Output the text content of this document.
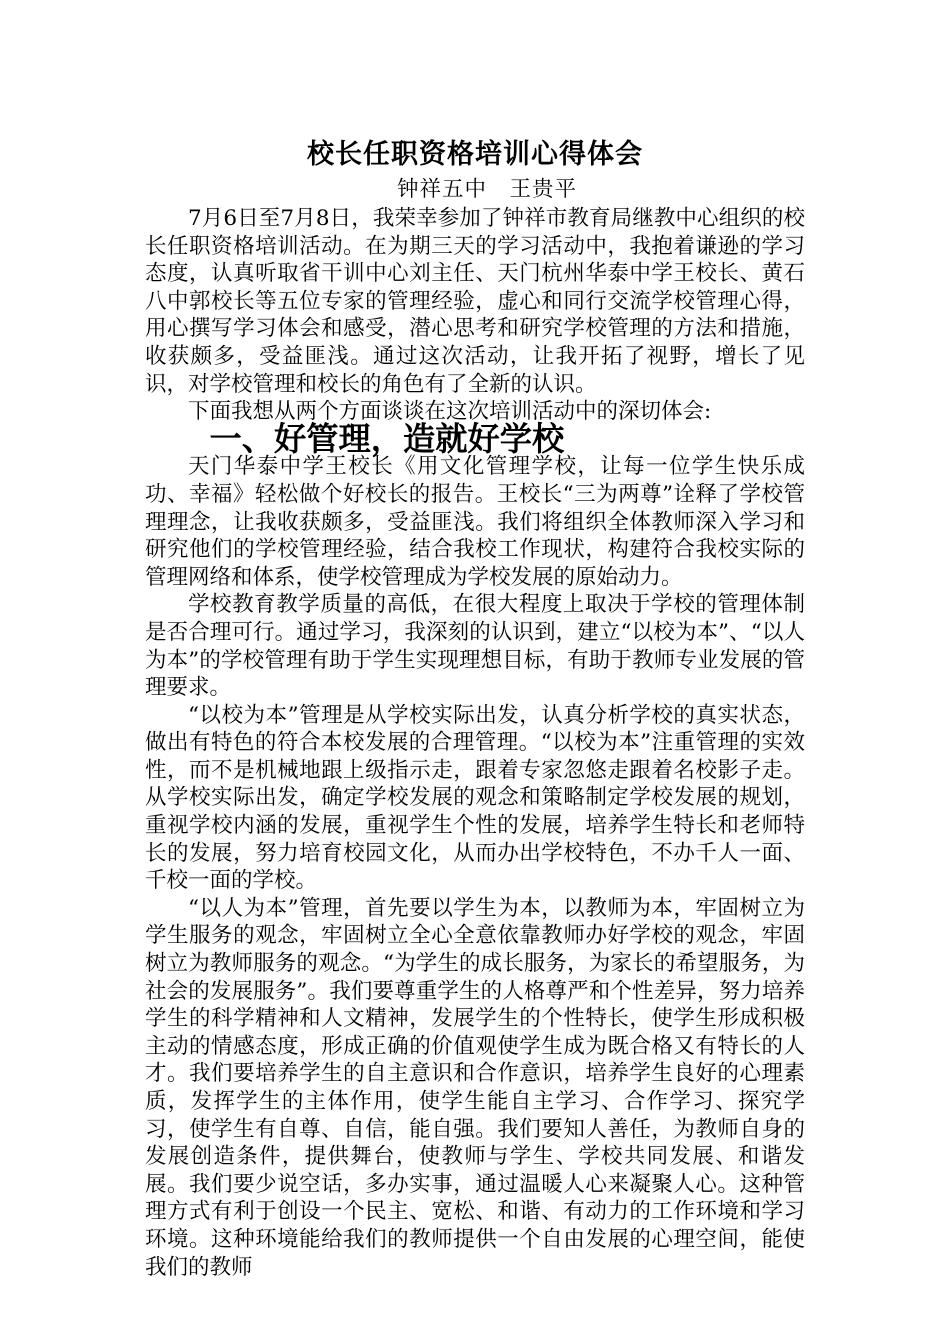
校长任职资格培训心得体会

钟祥五中　王贵平

7月6日至7月8日，我荣幸参加了钟祥市教育局继教中心组织的校长任职资格培训活动。在为期三天的学习活动中，我抱着谦逊的学习态度，认真听取省干训中心刘主任、天门杭州华泰中学王校长、黄石八中郭校长等五位专家的管理经验，虚心和同行交流学校管理心得，用心撰写学习体会和感受，潜心思考和研究学校管理的方法和措施，收获颇多，受益匪浅。通过这次活动，让我开拓了视野，增长了见识，对学校管理和校长的角色有了全新的认识。

下面我想从两个方面谈谈在这次培训活动中的深切体会:

一、好管理，造就好学校

天门华泰中学王校长《用文化管理学校，让每一位学生快乐成功、幸福》轻松做个好校长的报告。王校长“三为两尊”诠释了学校管理理念，让我收获颇多，受益匪浅。我们将组织全体教师深入学习和研究他们的学校管理经验，结合我校工作现状，构建符合我校实际的管理网络和体系，使学校管理成为学校发展的原始动力。

学校教育教学质量的高低，在很大程度上取决于学校的管理体制是否合理可行。通过学习，我深刻的认识到，建立“以校为本”、“以人为本”的学校管理有助于学生实现理想目标，有助于教师专业发展的管理要求。

“以校为本”管理是从学校实际出发，认真分析学校的真实状态，做出有特色的符合本校发展的合理管理。“以校为本”注重管理的实效性，而不是机械地跟上级指示走，跟着专家忽悠走跟着名校影子走。从学校实际出发，确定学校发展的观念和策略制定学校发展的规划，重视学校内涵的发展，重视学生个性的发展，培养学生特长和老师特长的发展，努力培育校园文化，从而办出学校特色，不办千人一面、千校一面的学校。

“以人为本”管理，首先要以学生为本，以教师为本，牢固树立为学生服务的观念，牢固树立全心全意依靠教师办好学校的观念，牢固树立为教师服务的观念。“为学生的成长服务，为家长的希望服务，为社会的发展服务”。我们要尊重学生的人格尊严和个性差异，努力培养学生的科学精神和人文精神，发展学生的个性特长，使学生形成积极主动的情感态度，形成正确的价值观使学生成为既合格又有特长的人才。我们要培养学生的自主意识和合作意识，培养学生良好的心理素质，发挥学生的主体作用，使学生能自主学习、合作学习、探究学习，使学生有自尊、自信，能自强。我们要知人善任，为教师自身的发展创造条件，提供舞台，使教师与学生、学校共同发展、和谐发展。我们要少说空话，多办实事，通过温暖人心来凝聚人心。这种管理方式有利于创设一个民主、宽松、和谐、有动力的工作环境和学习环境。这种环境能给我们的教师提供一个自由发展的心理空间，能使我们的教师
